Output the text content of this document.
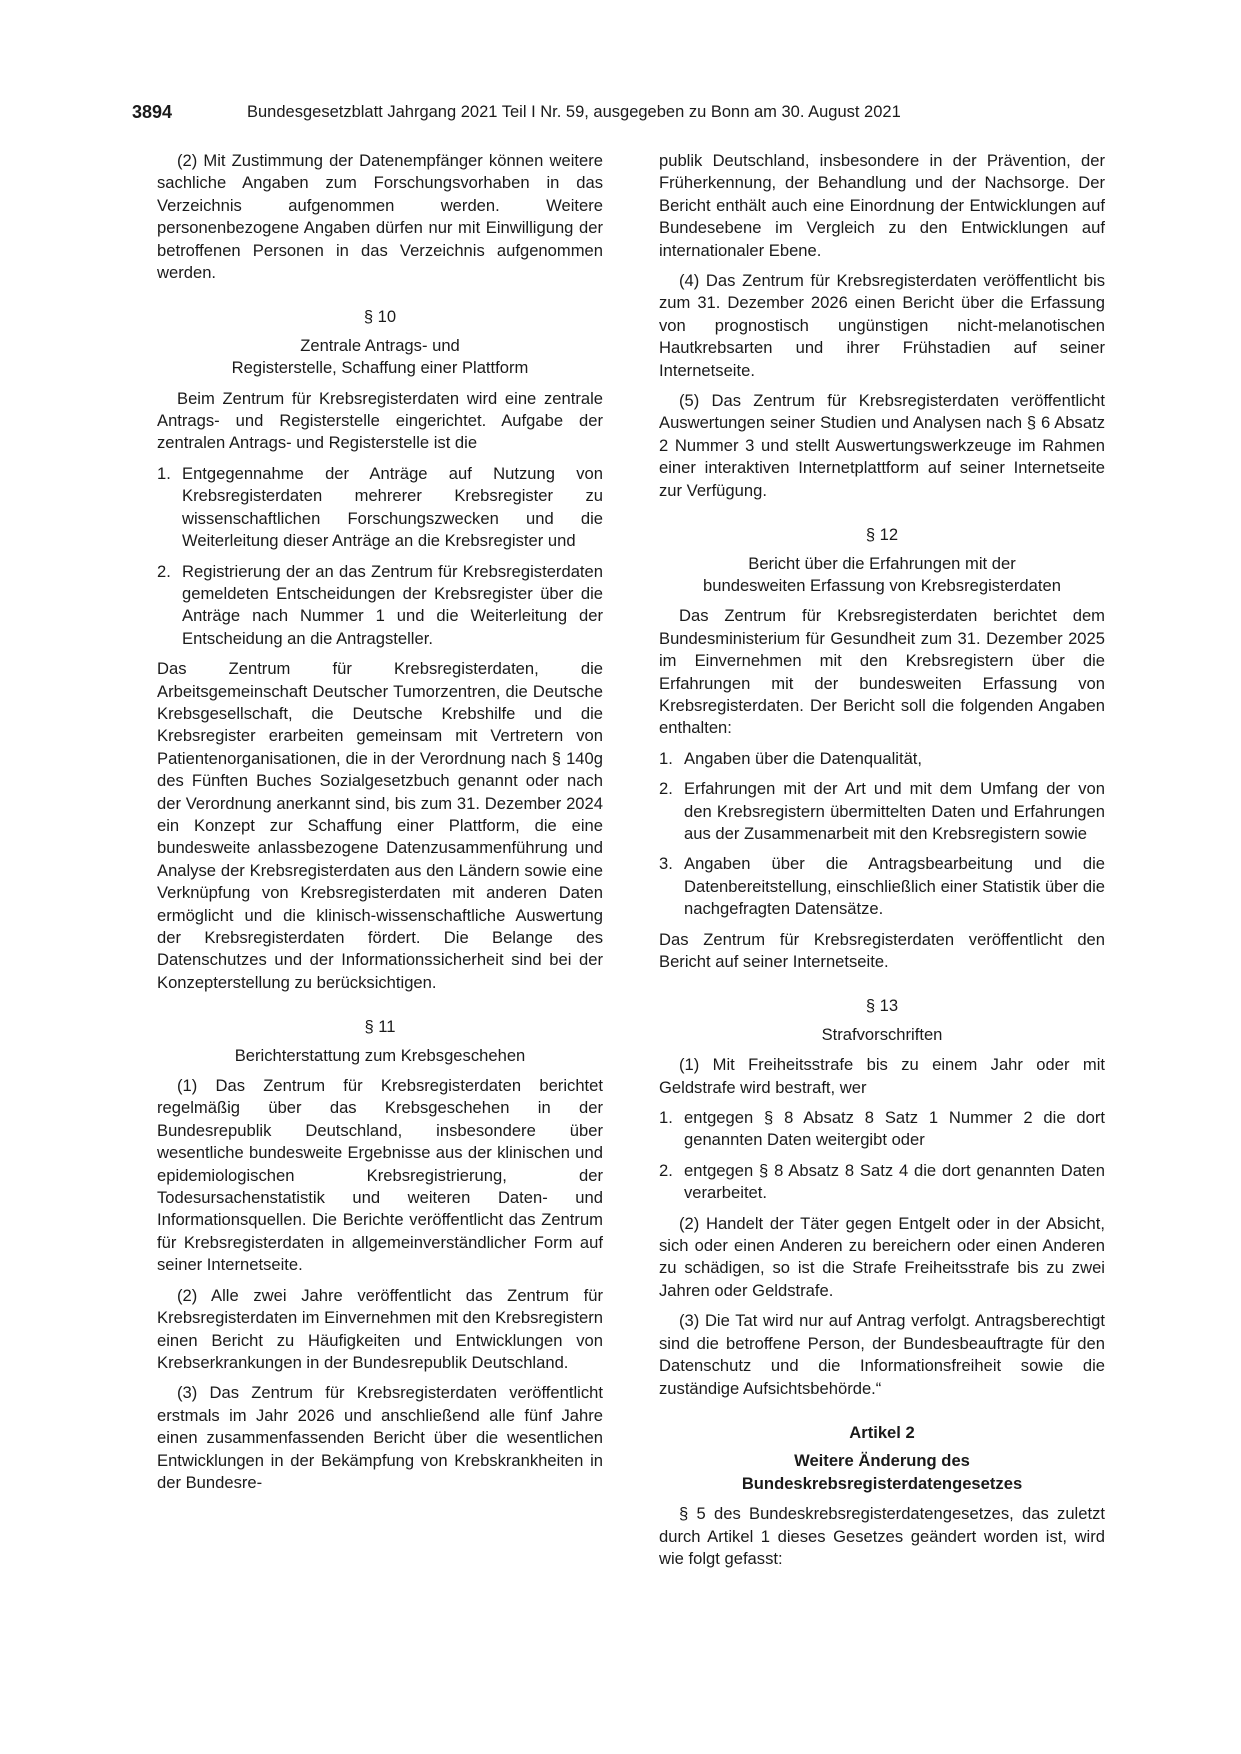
3894	Bundesgesetzblatt Jahrgang 2021 Teil I Nr. 59, ausgegeben zu Bonn am 30. August 2021

(2) Mit Zustimmung der Datenempfänger können weitere sachliche Angaben zum Forschungsvorhaben in das Verzeichnis aufgenommen werden. Weitere personenbezogene Angaben dürfen nur mit Einwilligung der betroffenen Personen in das Verzeichnis aufgenommen werden.

§ 10

Zentrale Antrags- und

Registerstelle, Schaffung einer Plattform

Beim Zentrum für Krebsregisterdaten wird eine zentrale Antrags- und Registerstelle eingerichtet. Aufgabe der zentralen Antrags- und Registerstelle ist die

1. Entgegennahme der Anträge auf Nutzung von Krebsregisterdaten mehrerer Krebsregister zu wissenschaftlichen Forschungszwecken und die Weiterleitung dieser Anträge an die Krebsregister und
2. Registrierung der an das Zentrum für Krebsregisterdaten gemeldeten Entscheidungen der Krebsregister über die Anträge nach Nummer 1 und die Weiterleitung der Entscheidung an die Antragsteller.

Das Zentrum für Krebsregisterdaten, die Arbeitsgemeinschaft Deutscher Tumorzentren, die Deutsche Krebsgesellschaft, die Deutsche Krebshilfe und die Krebsregister erarbeiten gemeinsam mit Vertretern von Patientenorganisationen, die in der Verordnung nach § 140g des Fünften Buches Sozialgesetzbuch genannt oder nach der Verordnung anerkannt sind, bis zum 31. Dezember 2024 ein Konzept zur Schaffung einer Plattform, die eine bundesweite anlassbezogene Datenzusammenführung und Analyse der Krebsregisterdaten aus den Ländern sowie eine Verknüpfung von Krebsregisterdaten mit anderen Daten ermöglicht und die klinisch-wissenschaftliche Auswertung der Krebsregisterdaten fördert. Die Belange des Datenschutzes und der Informationssicherheit sind bei der Konzepterstellung zu berücksichtigen.

§ 11

Berichterstattung zum Krebsgeschehen

(1) Das Zentrum für Krebsregisterdaten berichtet regelmäßig über das Krebsgeschehen in der Bundesrepublik Deutschland, insbesondere über wesentliche bundesweite Ergebnisse aus der klinischen und epidemiologischen Krebsregistrierung, der Todesursachenstatistik und weiteren Daten- und Informationsquellen. Die Berichte veröffentlicht das Zentrum für Krebsregisterdaten in allgemeinverständlicher Form auf seiner Internetseite.

(2) Alle zwei Jahre veröffentlicht das Zentrum für Krebsregisterdaten im Einvernehmen mit den Krebsregistern einen Bericht zu Häufigkeiten und Entwicklungen von Krebserkrankungen in der Bundesrepublik Deutschland.

(3) Das Zentrum für Krebsregisterdaten veröffentlicht erstmals im Jahr 2026 und anschließend alle fünf Jahre einen zusammenfassenden Bericht über die wesentlichen Entwicklungen in der Bekämpfung von Krebskrankheiten in der Bundesre-

publik Deutschland, insbesondere in der Prävention, der Früherkennung, der Behandlung und der Nachsorge. Der Bericht enthält auch eine Einordnung der Entwicklungen auf Bundesebene im Vergleich zu den Entwicklungen auf internationaler Ebene.

(4) Das Zentrum für Krebsregisterdaten veröffentlicht bis zum 31. Dezember 2026 einen Bericht über die Erfassung von prognostisch ungünstigen nicht-melanotischen Hautkrebsarten und ihrer Frühstadien auf seiner Internetseite.

(5) Das Zentrum für Krebsregisterdaten veröffentlicht Auswertungen seiner Studien und Analysen nach § 6 Absatz 2 Nummer 3 und stellt Auswertungswerkzeuge im Rahmen einer interaktiven Internetplattform auf seiner Internetseite zur Verfügung.

§ 12

Bericht über die Erfahrungen mit der

bundesweiten Erfassung von Krebsregisterdaten

Das Zentrum für Krebsregisterdaten berichtet dem Bundesministerium für Gesundheit zum 31. Dezember 2025 im Einvernehmen mit den Krebsregistern über die Erfahrungen mit der bundesweiten Erfassung von Krebsregisterdaten. Der Bericht soll die folgenden Angaben enthalten:

1. Angaben über die Datenqualität,
2. Erfahrungen mit der Art und mit dem Umfang der von den Krebsregistern übermittelten Daten und Erfahrungen aus der Zusammenarbeit mit den Krebsregistern sowie
3. Angaben über die Antragsbearbeitung und die Datenbereitstellung, einschließlich einer Statistik über die nachgefragten Datensätze.

Das Zentrum für Krebsregisterdaten veröffentlicht den Bericht auf seiner Internetseite.

§ 13

Strafvorschriften

(1) Mit Freiheitsstrafe bis zu einem Jahr oder mit Geldstrafe wird bestraft, wer

1. entgegen § 8 Absatz 8 Satz 1 Nummer 2 die dort genannten Daten weitergibt oder
2. entgegen § 8 Absatz 8 Satz 4 die dort genannten Daten verarbeitet.

(2) Handelt der Täter gegen Entgelt oder in der Absicht, sich oder einen Anderen zu bereichern oder einen Anderen zu schädigen, so ist die Strafe Freiheitsstrafe bis zu zwei Jahren oder Geldstrafe.

(3) Die Tat wird nur auf Antrag verfolgt. Antragsberechtigt sind die betroffene Person, der Bundesbeauftragte für den Datenschutz und die Informationsfreiheit sowie die zuständige Aufsichtsbehörde.“

Artikel 2

Weitere Änderung des

Bundeskrebsregisterdatengesetzes

§ 5 des Bundeskrebsregisterdatengesetzes, das zuletzt durch Artikel 1 dieses Gesetzes geändert worden ist, wird wie folgt gefasst:
